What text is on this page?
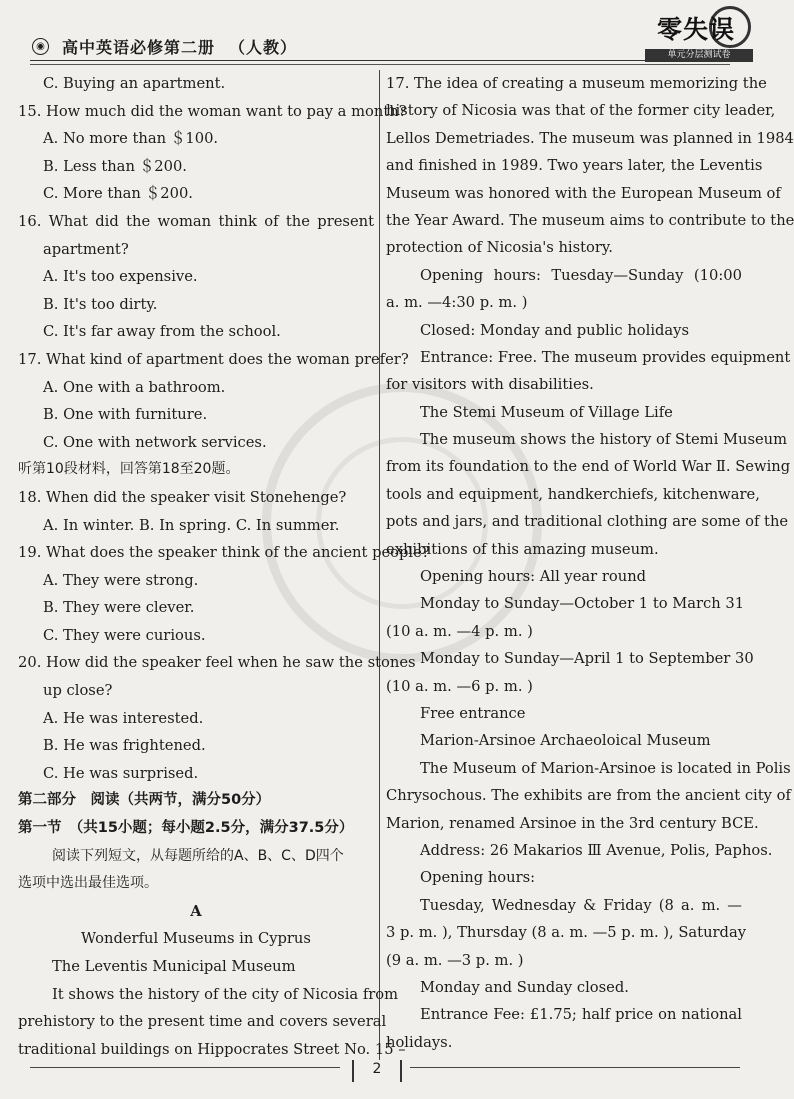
◉ 高中英语必修第二册 （人教）
零失误
单元分层测试卷
C. Buying an apartment.
15. How much did the woman want to pay a month?
A. No more than ＄100.
B. Less than ＄200.
C. More than ＄200.
16. What did the woman think of the present
apartment?
A. It's too expensive.
B. It's too dirty.
C. It's far away from the school.
17. What kind of apartment does the woman prefer?
A. One with a bathroom.
B. One with furniture.
C. One with network services.
听第10段材料，回答第18至20题。
18. When did the speaker visit Stonehenge?
A. In winter. B. In spring. C. In summer.
19. What does the speaker think of the ancient people?
A. They were strong.
B. They were clever.
C. They were curious.
20. How did the speaker feel when he saw the stones
up close?
A. He was interested.
B. He was frightened.
C. He was surprised.
第二部分　阅读（共两节，满分50分）
第一节　（共15小题；每小题2.5分，满分37.5分）
阅读下列短文，从每题所给的A、B、C、D四个
选项中选出最佳选项。
A
Wonderful Museums in Cyprus
The Leventis Municipal Museum
It shows the history of the city of Nicosia from
prehistory to the present time and covers several
traditional buildings on Hippocrates Street No. 15 –
17. The idea of creating a museum memorizing the
history of Nicosia was that of the former city leader,
Lellos Demetriades. The museum was planned in 1984
and finished in 1989. Two years later, the Leventis
Museum was honored with the European Museum of
the Year Award. The museum aims to contribute to the
protection of Nicosia's history.
Opening hours: Tuesday—Sunday (10:00
a. m. —4:30 p. m. )
Closed: Monday and public holidays
Entrance: Free. The museum provides equipment
for visitors with disabilities.
The Stemi Museum of Village Life
The museum shows the history of Stemi Museum
from its foundation to the end of World War Ⅱ. Sewing
tools and equipment, handkerchiefs, kitchenware,
pots and jars, and traditional clothing are some of the
exhibitions of this amazing museum.
Opening hours: All year round
Monday to Sunday—October 1 to March 31
(10 a. m. —4 p. m. )
Monday to Sunday—April 1 to September 30
(10 a. m. —6 p. m. )
Free entrance
Marion-Arsinoe Archaeoloical Museum
The Museum of Marion-Arsinoe is located in Polis
Chrysochous. The exhibits are from the ancient city of
Marion, renamed Arsinoe in the 3rd century BCE.
Address: 26 Makarios Ⅲ Avenue, Polis, Paphos.
Opening hours:
Tuesday, Wednesday & Friday (8 a. m. —
3 p. m. ), Thursday (8 a. m. —5 p. m. ), Saturday
(9 a. m. —3 p. m. )
Monday and Sunday closed.
Entrance Fee: £1.75; half price on national
holidays.
2
